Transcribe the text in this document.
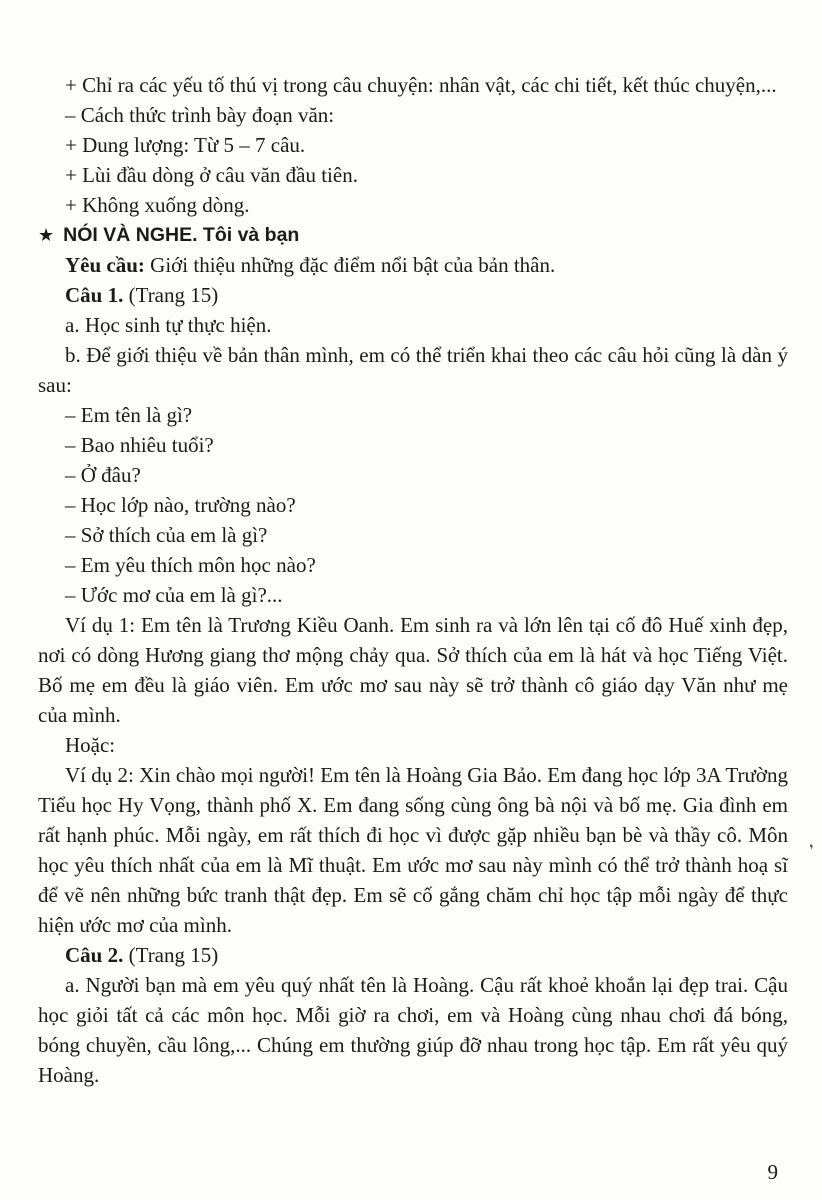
+ Chỉ ra các yếu tố thú vị trong câu chuyện: nhân vật, các chi tiết, kết thúc chuyện,...

– Cách thức trình bày đoạn văn:

+ Dung lượng: Từ 5 – 7 câu.

+ Lùi đầu dòng ở câu văn đầu tiên.

+ Không xuống dòng.

★ NÓI VÀ NGHE. Tôi và bạn

Yêu cầu: Giới thiệu những đặc điểm nổi bật của bản thân.

Câu 1. (Trang 15)

a. Học sinh tự thực hiện.

b. Để giới thiệu về bản thân mình, em có thể triển khai theo các câu hỏi cũng là dàn ý sau:

– Em tên là gì?

– Bao nhiêu tuổi?

– Ở đâu?

– Học lớp nào, trường nào?

– Sở thích của em là gì?

– Em yêu thích môn học nào?

– Ước mơ của em là gì?...

Ví dụ 1: Em tên là Trương Kiều Oanh. Em sinh ra và lớn lên tại cố đô Huế xinh đẹp, nơi có dòng Hương giang thơ mộng chảy qua. Sở thích của em là hát và học Tiếng Việt. Bố mẹ em đều là giáo viên. Em ước mơ sau này sẽ trở thành cô giáo dạy Văn như mẹ của mình.

Hoặc:

Ví dụ 2: Xin chào mọi người! Em tên là Hoàng Gia Bảo. Em đang học lớp 3A Trường Tiểu học Hy Vọng, thành phố X. Em đang sống cùng ông bà nội và bố mẹ. Gia đình em rất hạnh phúc. Mỗi ngày, em rất thích đi học vì được gặp nhiều bạn bè và thầy cô. Môn học yêu thích nhất của em là Mĩ thuật. Em ước mơ sau này mình có thể trở thành hoạ sĩ để vẽ nên những bức tranh thật đẹp. Em sẽ cố gắng chăm chỉ học tập mỗi ngày để thực hiện ước mơ của mình.

Câu 2. (Trang 15)

a. Người bạn mà em yêu quý nhất tên là Hoàng. Cậu rất khoẻ khoắn lại đẹp trai. Cậu học giỏi tất cả các môn học. Mỗi giờ ra chơi, em và Hoàng cùng nhau chơi đá bóng, bóng chuyền, cầu lông,... Chúng em thường giúp đỡ nhau trong học tập. Em rất yêu quý Hoàng.

❜
9
